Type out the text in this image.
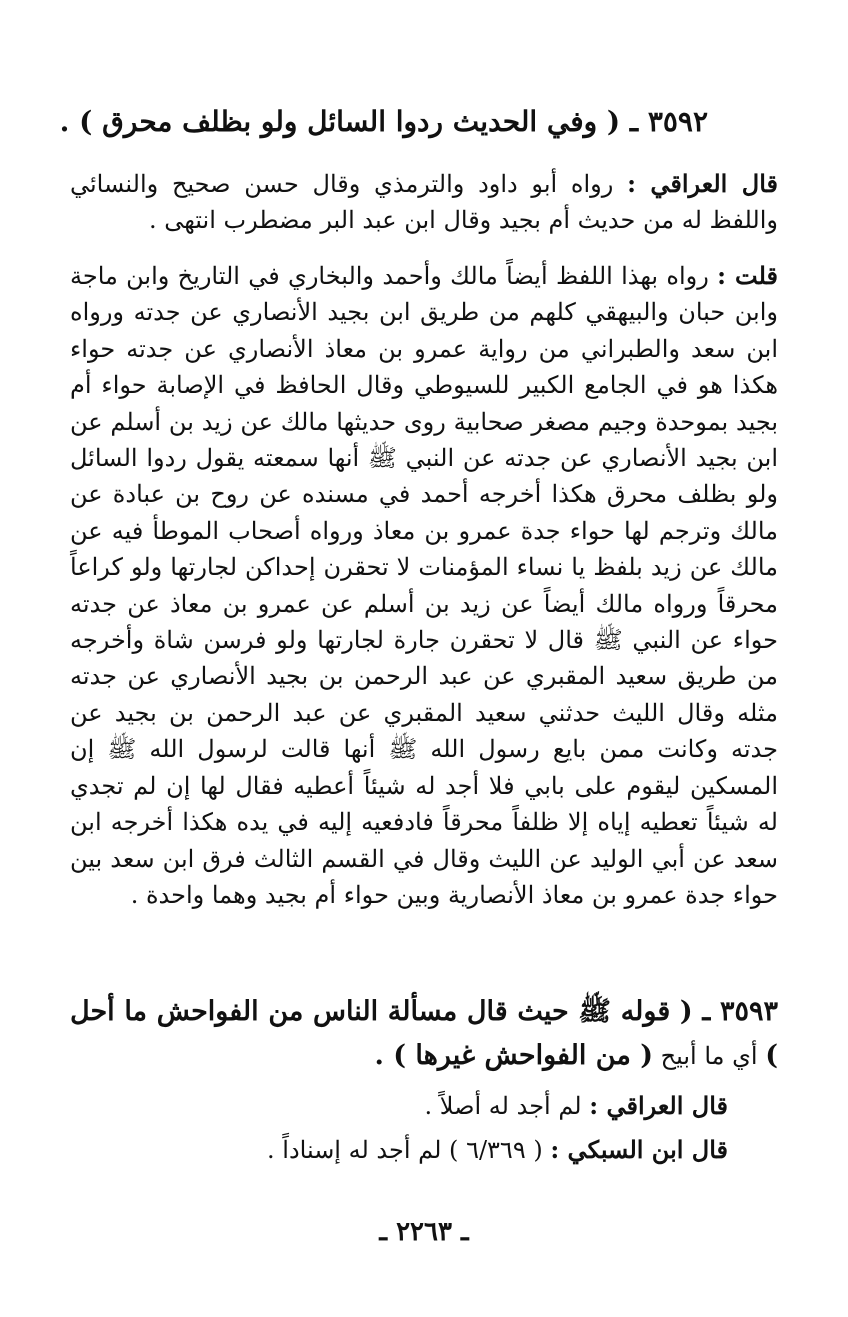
٣٥٩٢ ـ ( وفي الحديث ردوا السائل ولو بظلف محرق ) .

قال العراقي : رواه أبو داود والترمذي وقال حسن صحيح والنسائي واللفظ له من حديث أم بجيد وقال ابن عبد البر مضطرب انتهى .

قلت : رواه بهذا اللفظ أيضاً مالك وأحمد والبخاري في التاريخ وابن ماجة وابن حبان والبيهقي كلهم من طريق ابن بجيد الأنصاري عن جدته ورواه ابن سعد والطبراني من رواية عمرو بن معاذ الأنصاري عن جدته حواء هكذا هو في الجامع الكبير للسيوطي وقال الحافظ في الإصابة حواء أم بجيد بموحدة وجيم مصغر صحابية روى حديثها مالك عن زيد بن أسلم عن ابن بجيد الأنصاري عن جدته عن النبي ﷺ أنها سمعته يقول ردوا السائل ولو بظلف محرق هكذا أخرجه أحمد في مسنده عن روح بن عبادة عن مالك وترجم لها حواء جدة عمرو بن معاذ ورواه أصحاب الموطأ فيه عن مالك عن زيد بلفظ يا نساء المؤمنات لا تحقرن إحداكن لجارتها ولو كراعاً محرقاً ورواه مالك أيضاً عن زيد بن أسلم عن عمرو بن معاذ عن جدته حواء عن النبي ﷺ قال لا تحقرن جارة لجارتها ولو فرسن شاة وأخرجه من طريق سعيد المقبري عن عبد الرحمن بن بجيد الأنصاري عن جدته مثله وقال الليث حدثني سعيد المقبري عن عبد الرحمن بن بجيد عن جدته وكانت ممن بايع رسول الله ﷺ أنها قالت لرسول الله ﷺ إن المسكين ليقوم على بابي فلا أجد له شيئاً أعطيه فقال لها إن لم تجدي له شيئاً تعطيه إياه إلا ظلفاً محرقاً فادفعيه إليه في يده هكذا أخرجه ابن سعد عن أبي الوليد عن الليث وقال في القسم الثالث فرق ابن سعد بين حواء جدة عمرو بن معاذ الأنصارية وبين حواء أم بجيد وهما واحدة .

٣٥٩٣ ـ ( قوله ﷺ حيث قال مسألة الناس من الفواحش ما أحل ) أي ما أبيح ( من الفواحش غيرها ) .
قال العراقي : لم أجد له أصلاً .
قال ابن السبكي : ( ٦/٣٦٩ ) لم أجد له إسناداً .
ـ ٢٢٦٣ ـ
